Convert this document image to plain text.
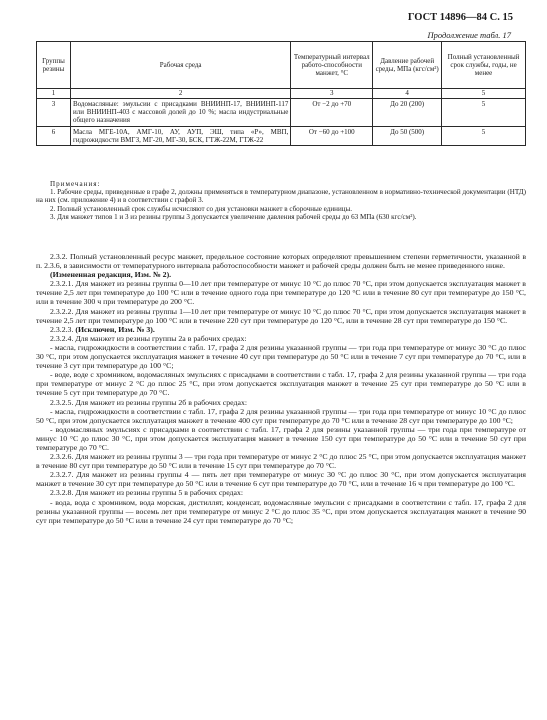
ГОСТ 14896—84 С. 15
Продолжение табл. 17
Группы резины	Рабочая среда	Температурный интервал работо-способности манжет, °С	Давление рабочей среды, МПа (кгс/см²)	Полный установленный срок службы, годы, не менее
1	2	3	4	5
3	Водомасляные: эмульсии с присадками ВНИИНП-17, ВНИИНП-117 или ВНИИНП-403 с массовой долей до 10 %; масла индустриальные общего назначения	От −2 до +70	До 20 (200)	5
6	Масла МГЕ-10А, АМГ-10, АУ, АУП, ЭШ, типа «Р», МВП, гидрожидкости ВМГЗ, МГ-20, МГ-30, БСК, ГТЖ-22М, ГТЖ-22	От −60 до +100	До 50 (500)	5
Примечания:

1. Рабочие среды, приведенные в графе 2, должны применяться в температурном диапазоне, установленном в нормативно-технической документации (НТД) на них (см. приложение 4) и в соответствии с графой 3.

2. Полный установленный срок службы исчисляют со дня установки манжет в сборочные единицы.

3. Для манжет типов 1 и 3 из резины группы 3 допускается увеличение давления рабочей среды до 63 МПа (630 кгс/см²).

2.3.2. Полный установленный ресурс манжет, предельное состояние которых определяют превышением степени герметичности, указанной в п. 2.3.6, в зависимости от температурного интервала работоспособности манжет и рабочей среды должен быть не менее приведенного ниже.

(Измененная редакция, Изм. № 2).

2.3.2.1. Для манжет из резины группы 0—10 лет при температуре от минус 10 °С до плюс 70 °С, при этом допускается эксплуатация манжет в течение 2,5 лет при температуре до 100 °С или в течение одного года при температуре до 120 °С или в течение 80 сут при температуре до 150 °С, или в течение 300 ч при температуре до 200 °С.

2.3.2.2. Для манжет из резины группы 1—10 лет при температуре от минус 10 °С до плюс 70 °С, при этом допускается эксплуатация манжет в течение 2,5 лет при температуре до 100 °С или в течение 220 сут при температуре до 120 °С, или в течение 28 сут при температуре до 150 °С.

2.3.2.3. (Исключен, Изм. № 3).

2.3.2.4. Для манжет из резины группы 2а в рабочих средах:

- масла, гидрожидкости в соответствии с табл. 17, графа 2 для резины указанной группы — три года при температуре от минус 30 °С до плюс 30 °С, при этом допускается эксплуатация манжет в течение 40 сут при температуре до 50 °С или в течение 7 сут при температуре до 70 °С, или в течение 3 сут при температуре до 100 °С;

- воде, воде с хромником, водомасляных эмульсиях с присадками в соответствии с табл. 17, графа 2 для резины указанной группы — три года при температуре от минус 2 °С до плюс 25 °С, при этом допускается эксплуатация манжет в течение 25 сут при температуре до 50 °С или в течение 5 сут при температуре до 70 °С.

2.3.2.5. Для манжет из резины группы 2б в рабочих средах:

- масла, гидрожидкости в соответствии с табл. 17, графа 2 для резины указанной группы — три года при температуре от минус 10 °С до плюс 50 °С, при этом допускается эксплуатация манжет в течение 400 сут при температуре до 70 °С или в течение 28 сут при температуре до 100 °С;

- водомасляных эмульсиях с присадками в соответствии с табл. 17, графа 2 для резины указанной группы — три года при температуре от минус 10 °С до плюс 30 °С, при этом допускается эксплуатация манжет в течение 150 сут при температуре до 50 °С или в течение 50 сут при температуре до 70 °С.

2.3.2.6. Для манжет из резины группы 3 — три года при температуре от минус 2 °С до плюс 25 °С, при этом допускается эксплуатация манжет в течение 80 сут при температуре до 50 °С или в течение 15 сут при температуре до 70 °С.

2.3.2.7. Для манжет из резины группы 4 — пять лет при температуре от минус 30 °С до плюс 30 °С, при этом допускается эксплуатация манжет в течение 30 сут при температуре до 50 °С или в течение 6 сут при температуре до 70 °С, или в течение 16 ч при температуре до 100 °С.

2.3.2.8. Для манжет из резины группы 5 в рабочих средах:

- вода, вода с хромником, вода морская, дистиллят, конденсат, водомасляные эмульсии с присадками в соответствии с табл. 17, графа 2 для резины указанной группы — восемь лет при температуре от минус 2 °С до плюс 35 °С, при этом допускается эксплуатация манжет в течение 90 сут при температуре до 50 °С или в течение 24 сут при температуре до 70 °С;
